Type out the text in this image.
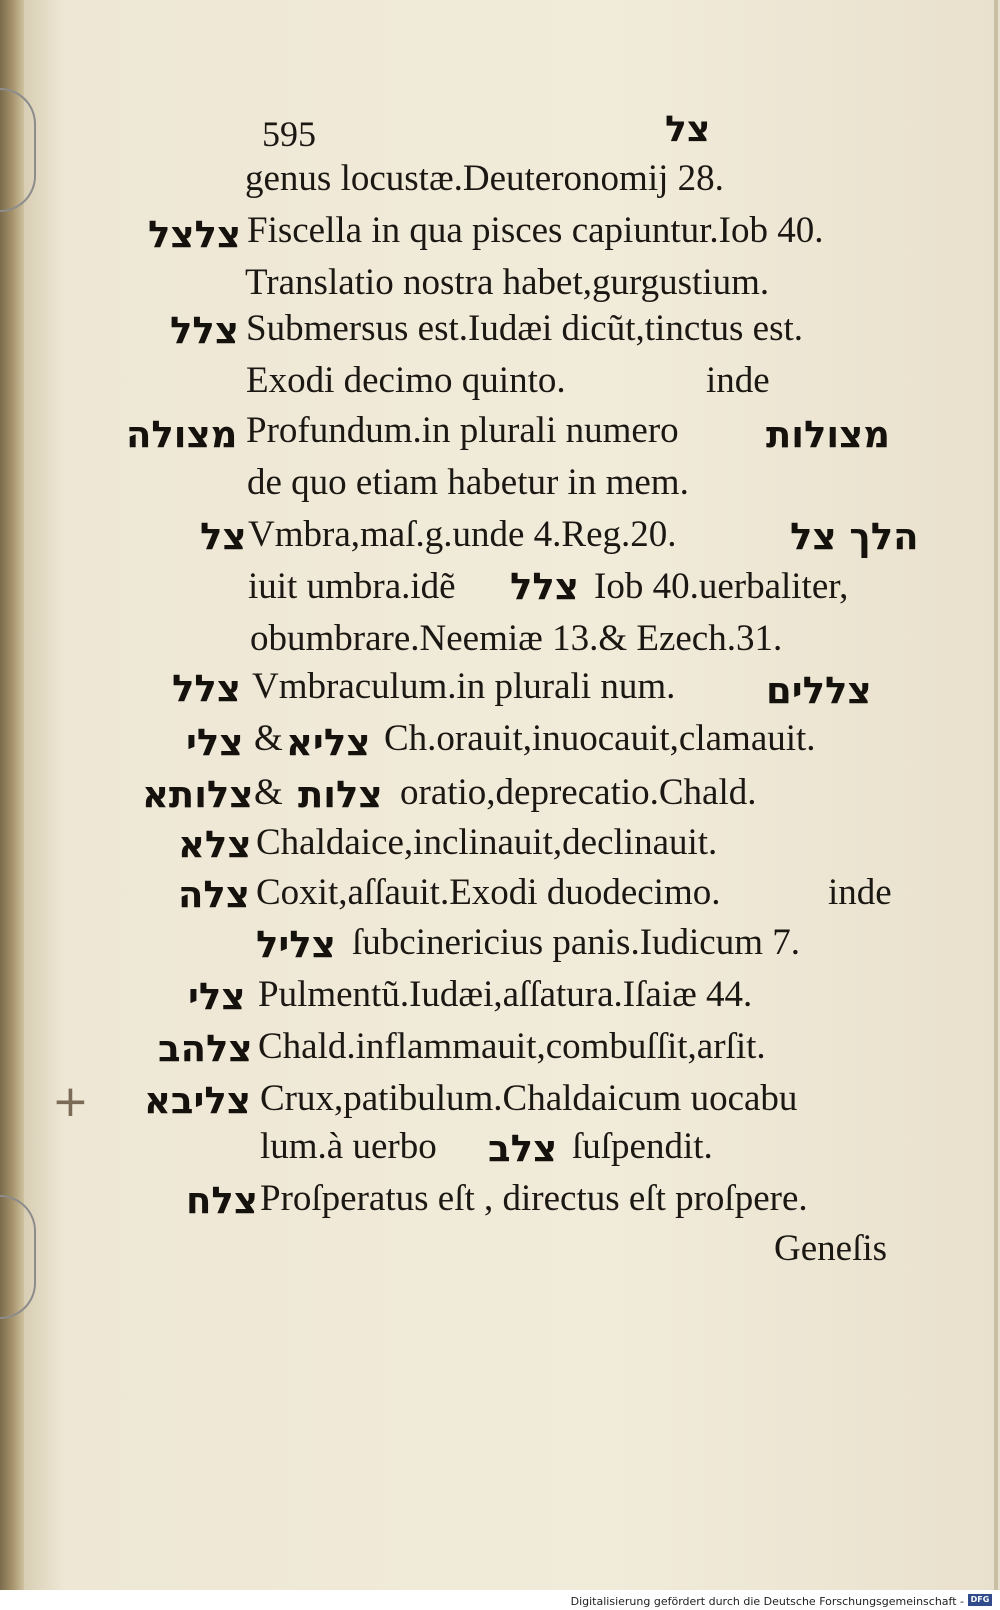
+
595	צל
genus locustæ.Deuteronomij 28.
צלצל Fiscella in qua pisces capiuntur.Iob 40.
Translatio nostra habet,gurgustium.
צלל Submersus est.Iudæi dicũt,tinctus est.
Exodi decimo quinto.	inde
מצולה Profundum.in plurali numero מצולות
de quo etiam habetur in mem.
צל Vmbra,maſ.g.unde 4.Reg.20.	הלך צל
iuit umbra.idẽ צלל Iob 40.uerbaliter,
obumbrare.Neemiæ 13.& Ezech.31.
צלל Vmbraculum.in plurali num. צללים
צלי & צליא Ch.orauit,inuocauit,clamauit.
צלותא & צלות oratio,deprecatio.Chald.
צלא Chaldaice,inclinauit,declinauit.
צלה Coxit,aſſauit.Exodi duodecimo.	inde
צליל ſubcinericius panis.Iudicum 7.
צלי Pulmentũ.Iudæi,aſſatura.Iſaiæ 44.
צלהב Chald.inflammauit,combuſſit,arſit.
צליבא Crux,patibulum.Chaldaicum uocabu
lum.à uerbo צלב ſuſpendit.
צלח Proſperatus eſt , directus eſt proſpere.
Geneſis
Digitalisierung gefördert durch die Deutsche Forschungsgemeinschaft - DFG
